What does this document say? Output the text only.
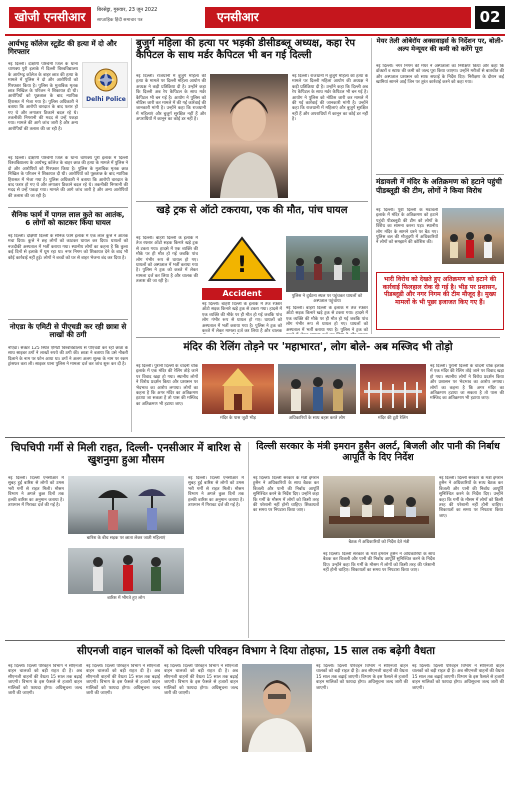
खोजी एनसीआर	बिरसेट्ठा, गुरुवार, 23 जून 2022
साप्ताहिक हिंदी समाचार पत्र	एनसीआर	02
आर्यभट्ट कॉलेज स्टूडेंट की हत्या में दो और गिरफ्तार
नई दिल्ली। दक्षिणी पश्चिमी जिले के थाना चाणक्य पुरी इलाके में दिल्ली विश्वविद्यालय के आर्यभट्ट कॉलेज के बाहर छात्र की हत्या के मामले में पुलिस ने दो और आरोपियों को गिरफ्तार किया है। पुलिस के मुताबिक मृतक छात्र निखिल के परिजन ने शिकायत दी थी। आरोपियों को पूछताछ के बाद न्यायिक हिरासत में भेजा गया है। पुलिस अधिकारी ने बताया कि आरोपी वारदात के बाद फरार हो गए थे और लगातार ठिकाने बदल रहे थे। तकनीकी निगरानी की मदद से उन्हें पकड़ा गया। मामले की आगे जांच जारी है और अन्य आरोपियों की तलाश की जा रही है।
Delhi Police
नई दिल्ली। दक्षिणी पश्चिमी जिले के थाना चाणक्य पुरी इलाके में दिल्ली विश्वविद्यालय के आर्यभट्ट कॉलेज के बाहर छात्र की हत्या के मामले में पुलिस ने दो और आरोपियों को गिरफ्तार किया है। पुलिस के मुताबिक मृतक छात्र निखिल के परिजन ने शिकायत दी थी। आरोपियों को पूछताछ के बाद न्यायिक हिरासत में भेजा गया है। पुलिस अधिकारी ने बताया कि आरोपी वारदात के बाद फरार हो गए थे और लगातार ठिकाने बदल रहे थे। तकनीकी निगरानी की मदद से उन्हें पकड़ा गया। मामले की आगे जांच जारी है और अन्य आरोपियों की तलाश की जा रही है।
सैनिक फार्म में पागल लाल कुते का आतंक, 6 लोगों को काटकर किया घायल
नई दिल्ली। दक्षिणी दिल्ली के सैनिक फार्म इलाके में एक लाल कुत्ते ने आतंक मचा दिया। कुत्ते ने छह लोगों को काटकर घायल कर दिया। घायलों को नजदीकी अस्पताल में भर्ती कराया गया। स्थानीय लोगों का कहना है कि कुत्ता कई दिनों से इलाके में घूम रहा था। नगर निगम को शिकायत देने के बाद भी कोई कार्रवाई नहीं हुई। लोगों ने बच्चों को घर से बाहर भेजना बंद कर दिया है।
नोएडा के एमिटी से पीएचडी कर रही छात्रा से लाखों की ठगी
नोएडा। सेक्टर 125 स्थित एमिटी विश्वविद्यालय से पीएचडी कर रही छात्रा के साथ साइबर ठगों ने लाखों रुपये की ठगी की। छात्रा ने बताया कि उसे नौकरी दिलाने के नाम पर फोन आया था। ठगों ने अलग अलग शुल्क के नाम पर रकम ट्रांसफर करा ली। साइबर थाना पुलिस ने मामला दर्ज कर जांच शुरू कर दी है।
बुजुर्ग महिला की हत्या पर भड़की डीसीडब्लू अध्यक्ष, कहा रेप कैपिटल के साथ मर्डर कैपिटल भी बन गई दिल्ली
नई दिल्ली। राजधानी में बुजुर्ग महिला की हत्या के मामले पर दिल्ली महिला आयोग की अध्यक्ष ने कड़ी प्रतिक्रिया दी है। उन्होंने कहा कि दिल्ली अब रेप कैपिटल के साथ मर्डर कैपिटल भी बन गई है। आयोग ने पुलिस को नोटिस जारी कर मामले में की गई कार्रवाई की जानकारी मांगी है। उन्होंने कहा कि राजधानी में महिलाएं और बुजुर्ग सुरक्षित नहीं हैं और अपराधियों में कानून का कोई डर नहीं है।
नई दिल्ली। राजधानी में बुजुर्ग महिला की हत्या के मामले पर दिल्ली महिला आयोग की अध्यक्ष ने कड़ी प्रतिक्रिया दी है। उन्होंने कहा कि दिल्ली अब रेप कैपिटल के साथ मर्डर कैपिटल भी बन गई है। आयोग ने पुलिस को नोटिस जारी कर मामले में की गई कार्रवाई की जानकारी मांगी है। उन्होंने कहा कि राजधानी में महिलाएं और बुजुर्ग सुरक्षित नहीं हैं और अपराधियों में कानून का कोई डर नहीं है।
खड़े ट्रक से ऑटो टकराया, एक की मौत, पांच घायल
नई दिल्ली। बाहरी दिल्ली के इलाके में तेज रफ्तार ऑटो सड़क किनारे खड़े ट्रक से टकरा गया। हादसे में एक व्यक्ति की मौके पर ही मौत हो गई जबकि पांच लोग गंभीर रूप से घायल हो गए। घायलों को अस्पताल में भर्ती कराया गया है। पुलिस ने ट्रक को कब्जे में लेकर मामला दर्ज कर लिया है और चालक की तलाश की जा रही है।
!
Accident
नई दिल्ली। बाहरी दिल्ली के इलाके में तेज रफ्तार ऑटो सड़क किनारे खड़े ट्रक से टकरा गया। हादसे में एक व्यक्ति की मौके पर ही मौत हो गई जबकि पांच लोग गंभीर रूप से घायल हो गए। घायलों को अस्पताल में भर्ती कराया गया है। पुलिस ने ट्रक को कब्जे में लेकर मामला दर्ज कर लिया है और चालक
पुलिस ने दुर्घटना स्थल पर पहुंचकर घायलों को अस्पताल पहुंचाया
नई दिल्ली। बाहरी दिल्ली के इलाके में तेज रफ्तार ऑटो सड़क किनारे खड़े ट्रक से टकरा गया। हादसे में एक व्यक्ति की मौके पर ही मौत हो गई जबकि पांच लोग गंभीर रूप से घायल हो गए। घायलों को अस्पताल में भर्ती कराया गया है। पुलिस ने ट्रक को
मेयर तेली ओबेरॉय अक्सवाइर्स के निर्देशन पर, बोली- अल्प मेन्यूयर की कमी को करेंगे पूरा
नई दिल्ली। नगर निगम की मेयर ने अस्पतालों का निरीक्षण किया और कहा कि डॉक्टरों व स्टाफ की कमी को जल्द पूरा किया जाएगा। उन्होंने मरीजों से बातचीत की और अस्पताल प्रशासन को साफ सफाई के निर्देश दिए। निरीक्षण के दौरान कई खामियां सामने आईं जिन पर तुरंत कार्रवाई करने को कहा गया।
मंडावली में मंदिर के अतिक्रमण को हटाने पहुंची पीडब्लूडी की टीम, लोगों ने किया विरोध
नई दिल्ली। पूर्वी दिल्ली के मंडावली इलाके में मंदिर के अतिक्रमण को हटाने पहुंची पीडब्लूडी की टीम को लोगों के विरोध का सामना करना पड़ा। स्थानीय लोग मंदिर के सामने धरने पर बैठ गए। पुलिस बल की मौजूदगी में अधिकारियों ने लोगों को समझाने की कोशिश की।
भारी विरोध को देखते हुए अतिक्रमण को हटाने की कार्रवाई फिलहाल रोक दी गई है। भीड़ पर प्रशासन, पीडब्लूडी और नगर निगम की टीम मौजूद है। मुख्य मामलों के भी पूछा इजाजत किए गए हैं।
मंदिर की रेलिंग तोड़ने पर 'महाभारत', लोग बोले- अब मस्जिद भी तोड़ो
नई दिल्ली। पुरानी दिल्ली के चांदनी चौक इलाके में एक मंदिर की रेलिंग तोड़े जाने पर विवाद खड़ा हो गया। स्थानीय लोगों ने विरोध प्रदर्शन किया और प्रशासन पर भेदभाव का आरोप लगाया। लोगों का कहना है कि अगर मंदिर का अतिक्रमण हटाया जा सकता है तो पास की मस्जिद का अतिक्रमण भी हटाया जाए।
मंदिर के पास जुटी भीड़	अधिकारियों के साथ बहस करते लोग	मंदिर की टूटी रेलिंग
नई दिल्ली। पुरानी दिल्ली के चांदनी चौक इलाके में एक मंदिर की रेलिंग तोड़े जाने पर विवाद खड़ा हो गया। स्थानीय लोगों ने विरोध प्रदर्शन किया और प्रशासन पर भेदभाव का आरोप लगाया। लोगों का कहना है कि अगर मंदिर का अतिक्रमण हटाया जा सकता है तो पास की मस्जिद का अतिक्रमण भी हटाया जाए।
चिपचिपी गर्मी से मिली राहत, दिल्ली- एनसीआर में बारिश से खुशनुमा हुआ मौसम
नई दिल्ली। दिल्ली एनसीआर में सुबह हुई बारिश से लोगों को उमस भरी गर्मी से राहत मिली। मौसम विभाग ने अगले कुछ दिनों तक हल्की बारिश का अनुमान जताया है। तापमान में गिरावट दर्ज की गई है।
बारिश के बीच सड़क पर छाता लेकर जाती महिलाएं
बारिश में भीगते हुए लोग
नई दिल्ली। दिल्ली एनसीआर में सुबह हुई बारिश से लोगों को उमस भरी गर्मी से राहत मिली। मौसम विभाग ने अगले कुछ दिनों तक हल्की बारिश का अनुमान जताया है। तापमान में गिरावट दर्ज की गई है।
दिल्ली सरकार के मंत्री इमरान हुसैन अलर्ट, बिजली और पानी की निर्बाध आपूर्ति के दिए निर्देश
नई दिल्ली। दिल्ली सरकार के मंत्री इमरान हुसैन ने अधिकारियों के साथ बैठक कर बिजली और पानी की निर्बाध आपूर्ति सुनिश्चित करने के निर्देश दिए। उन्होंने कहा कि गर्मी के मौसम में लोगों को किसी तरह की परेशानी नहीं होनी चाहिए। शिकायतों का समय पर निपटारा किया जाए।
बैठक में अधिकारियों को निर्देश देते मंत्री
नई दिल्ली। दिल्ली सरकार के मंत्री इमरान हुसैन ने अधिकारियों के साथ बैठक कर बिजली और पानी की निर्बाध आपूर्ति सुनिश्चित करने के निर्देश दिए। उन्होंने कहा कि गर्मी के मौसम में लोगों को किसी तरह की परेशानी नहीं होनी चाहिए। शिकायतों का समय पर निपटारा किया जाए।
नई दिल्ली। दिल्ली सरकार के मंत्री इमरान हुसैन ने अधिकारियों के साथ बैठक कर बिजली और पानी की निर्बाध आपूर्ति सुनिश्चित करने के निर्देश दिए। उन्होंने कहा कि गर्मी के मौसम में लोगों को किसी तरह की परेशानी नहीं होनी चाहिए। शिकायतों का समय पर निपटारा किया जाए।
सीएनजी वाहन चालकों को दिल्ली परिवहन विभाग ने दिया तोहफा, 15 साल तक बढ़ेगी वैधता
नई दिल्ली। दिल्ली परिवहन विभाग ने सीएनजी वाहन चालकों को बड़ी राहत दी है। अब सीएनजी वाहनों की वैधता 15 साल तक बढ़ाई जाएगी। विभाग के इस फैसले से हजारों वाहन मालिकों को फायदा होगा। अधिसूचना जल्द जारी की जाएगी।
नई दिल्ली। दिल्ली परिवहन विभाग ने सीएनजी वाहन चालकों को बड़ी राहत दी है। अब सीएनजी वाहनों की वैधता 15 साल तक बढ़ाई जाएगी। विभाग के इस फैसले से हजारों वाहन मालिकों को फायदा होगा। अधिसूचना जल्द जारी की जाएगी।
नई दिल्ली। दिल्ली परिवहन विभाग ने सीएनजी वाहन चालकों को बड़ी राहत दी है। अब सीएनजी वाहनों की वैधता 15 साल तक बढ़ाई जाएगी। विभाग के इस फैसले से हजारों वाहन मालिकों को फायदा होगा। अधिसूचना जल्द जारी की जाएगी।
नई दिल्ली। दिल्ली परिवहन विभाग ने सीएनजी वाहन चालकों को बड़ी राहत दी है। अब सीएनजी वाहनों की वैधता 15 साल तक बढ़ाई जाएगी। विभाग के इस फैसले से हजारों वाहन मालिकों को फायदा होगा। अधिसूचना जल्द जारी की जाएगी।
नई दिल्ली। दिल्ली परिवहन विभाग ने सीएनजी वाहन चालकों को बड़ी राहत दी है। अब सीएनजी वाहनों की वैधता 15 साल तक बढ़ाई जाएगी। विभाग के इस फैसले से हजारों वाहन मालिकों को फायदा होगा। अधिसूचना जल्द जारी की जाएगी।
